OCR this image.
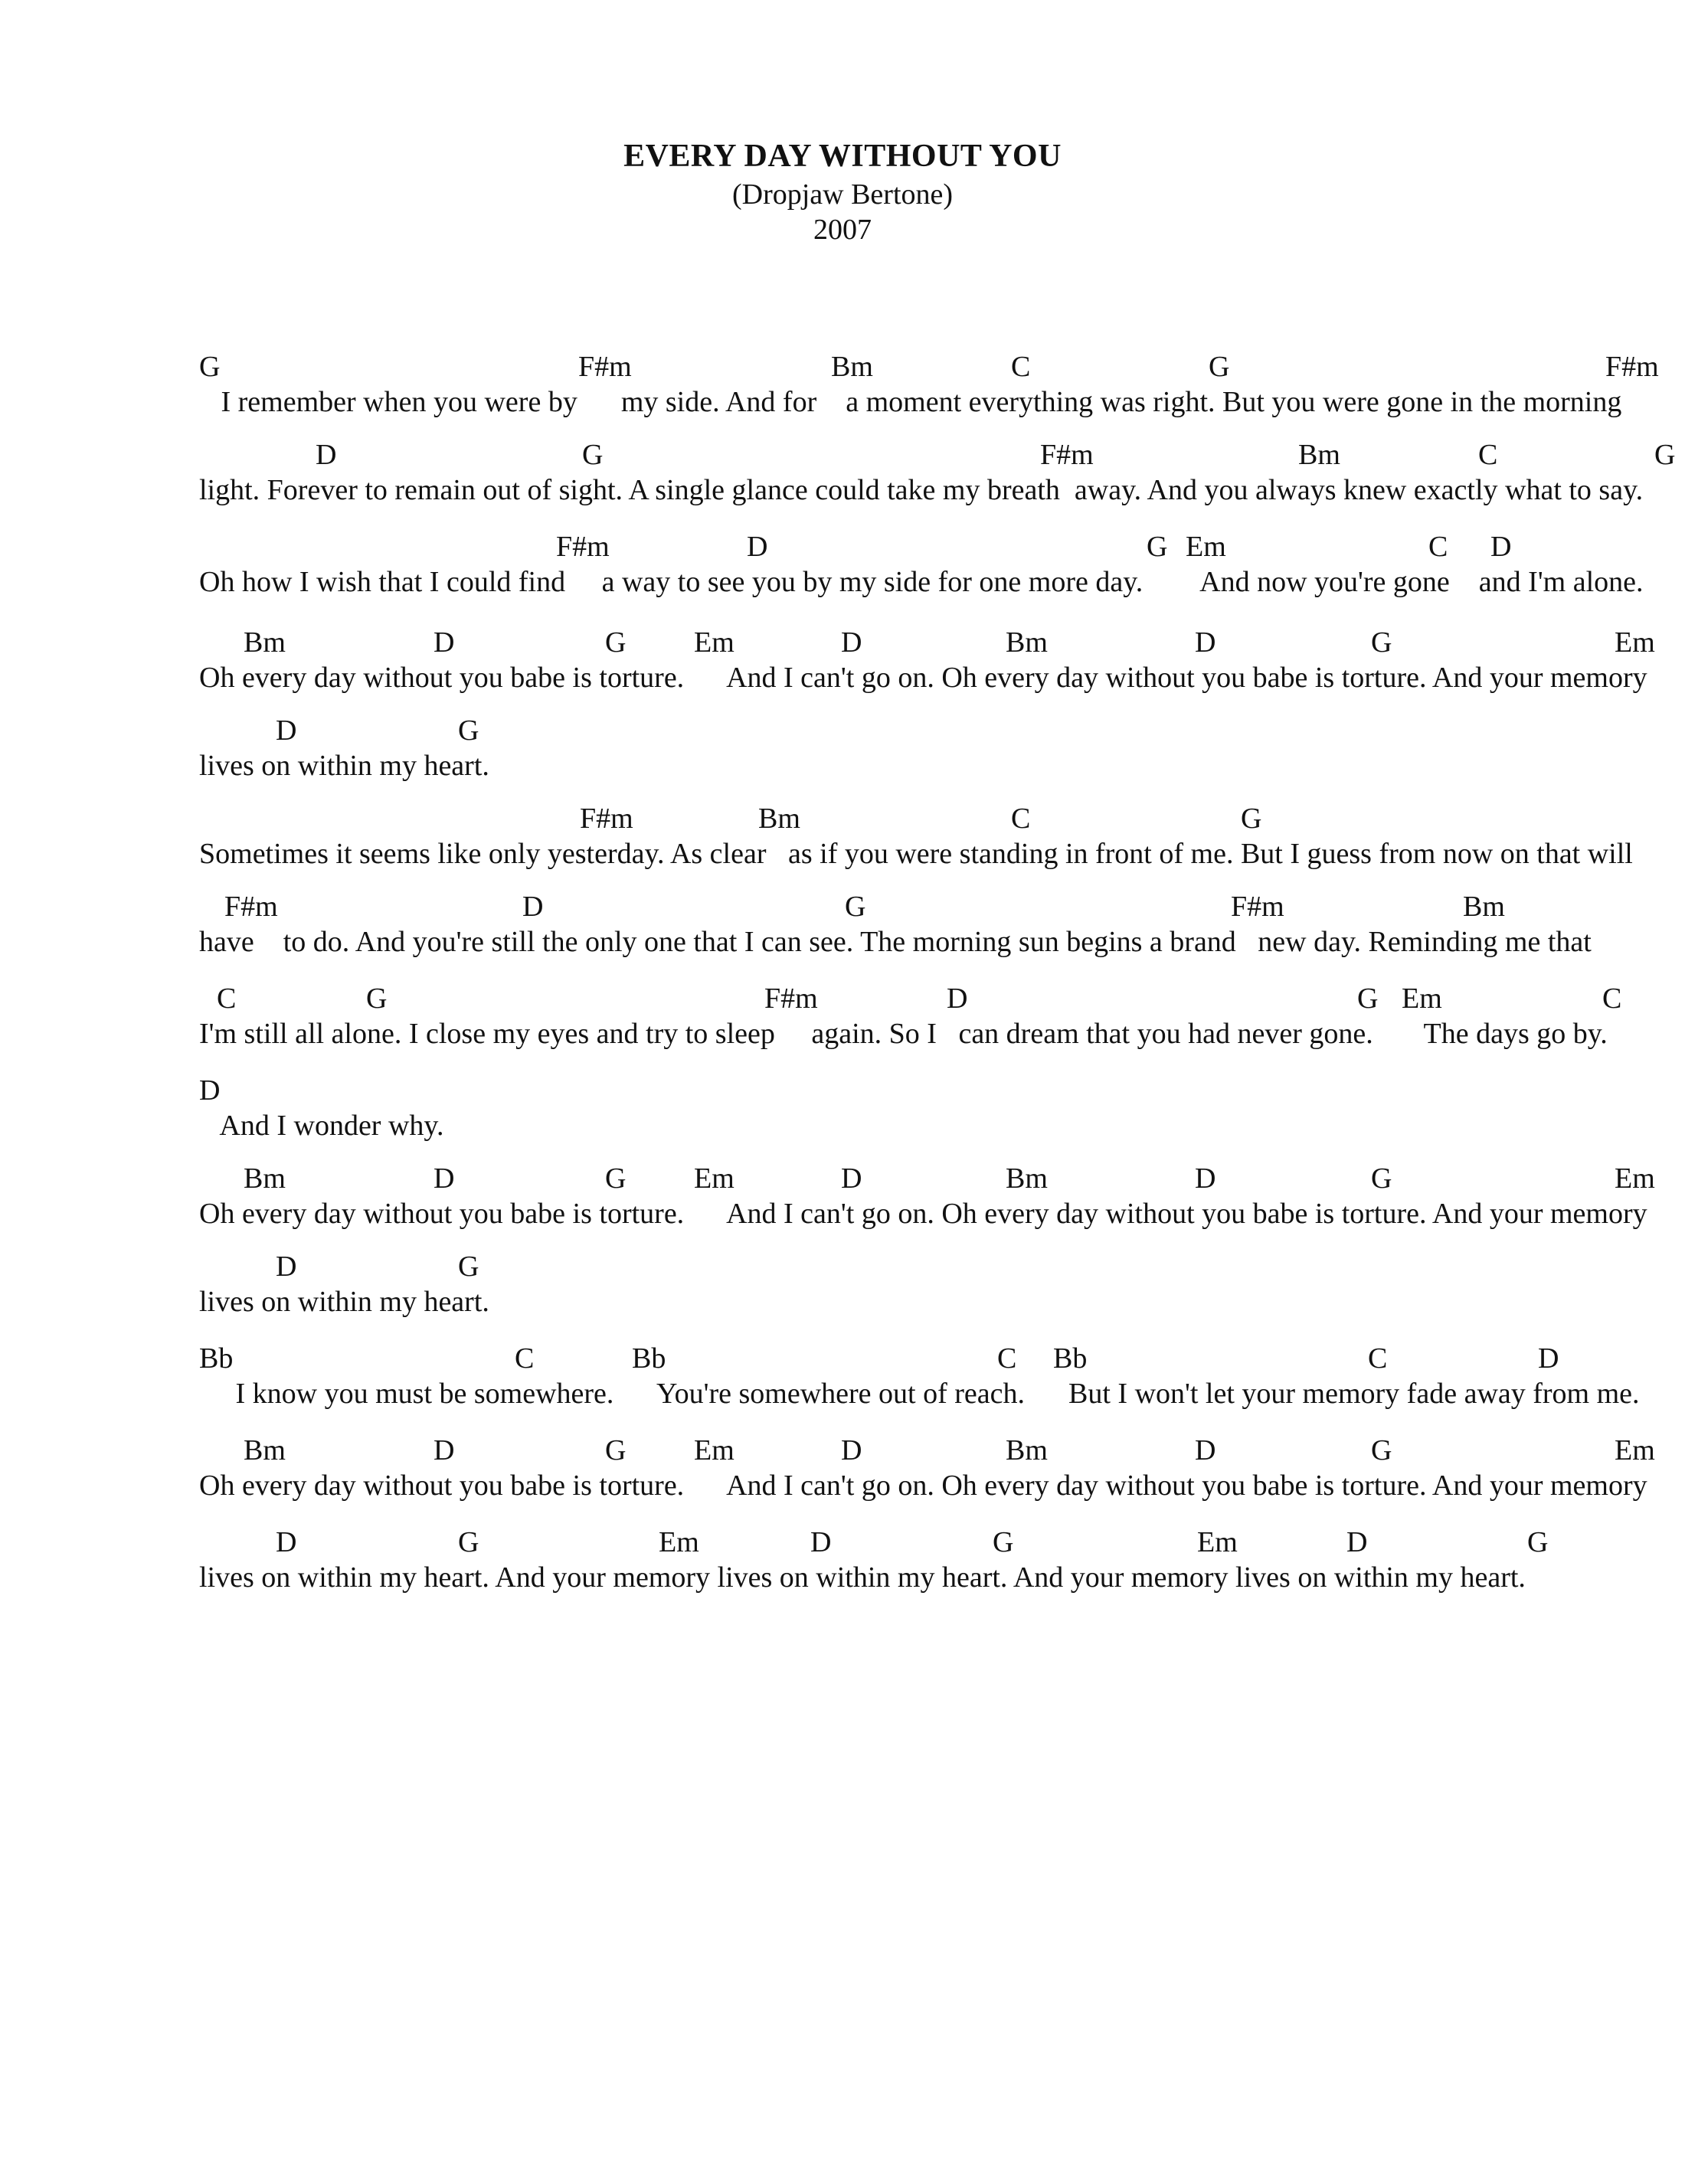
EVERY DAY WITHOUT YOU
(Dropjaw Bertone)
2007
G	F#m	Bm	C	G	F#m
I remember when you were by      my side. And for    a moment everything was right. But you were gone in the morning
D	G	F#m	Bm	C	G
light. Forever to remain out of sight. A single glance could take my breath  away. And you always knew exactly what to say.
F#m	D	G Em	C D
Oh how I wish that I could find     a way to see you by my side for one more day.        And now you're gone    and I'm alone.
Bm	D	G Em	D	Bm	D	G	Em
Oh every day without you babe is torture.      And I can't go on. Oh every day without you babe is torture. And your memory
D	G
lives on within my heart.
F#m	Bm	C	G
Sometimes it seems like only yesterday. As clear   as if you were standing in front of me. But I guess from now on that will
F#m	D	G	F#m	Bm
have    to do. And you're still the only one that I can see. The morning sun begins a brand   new day. Reminding me that
C	G	F#m	D	G Em	C
I'm still all alone. I close my eyes and try to sleep     again. So I   can dream that you had never gone.       The days go by.
D
And I wonder why.
Bm	D	G Em	D	Bm	D	G	Em
Oh every day without you babe is torture.      And I can't go on. Oh every day without you babe is torture. And your memory
D	G
lives on within my heart.
Bb	C	Bb	C Bb	C	D
I know you must be somewhere.      You're somewhere out of reach.      But I won't let your memory fade away from me.
Bm	D	G Em	D	Bm	D	G	Em
Oh every day without you babe is torture.      And I can't go on. Oh every day without you babe is torture. And your memory
D	G	Em	D	G	Em	D	G
lives on within my heart. And your memory lives on within my heart. And your memory lives on within my heart.
